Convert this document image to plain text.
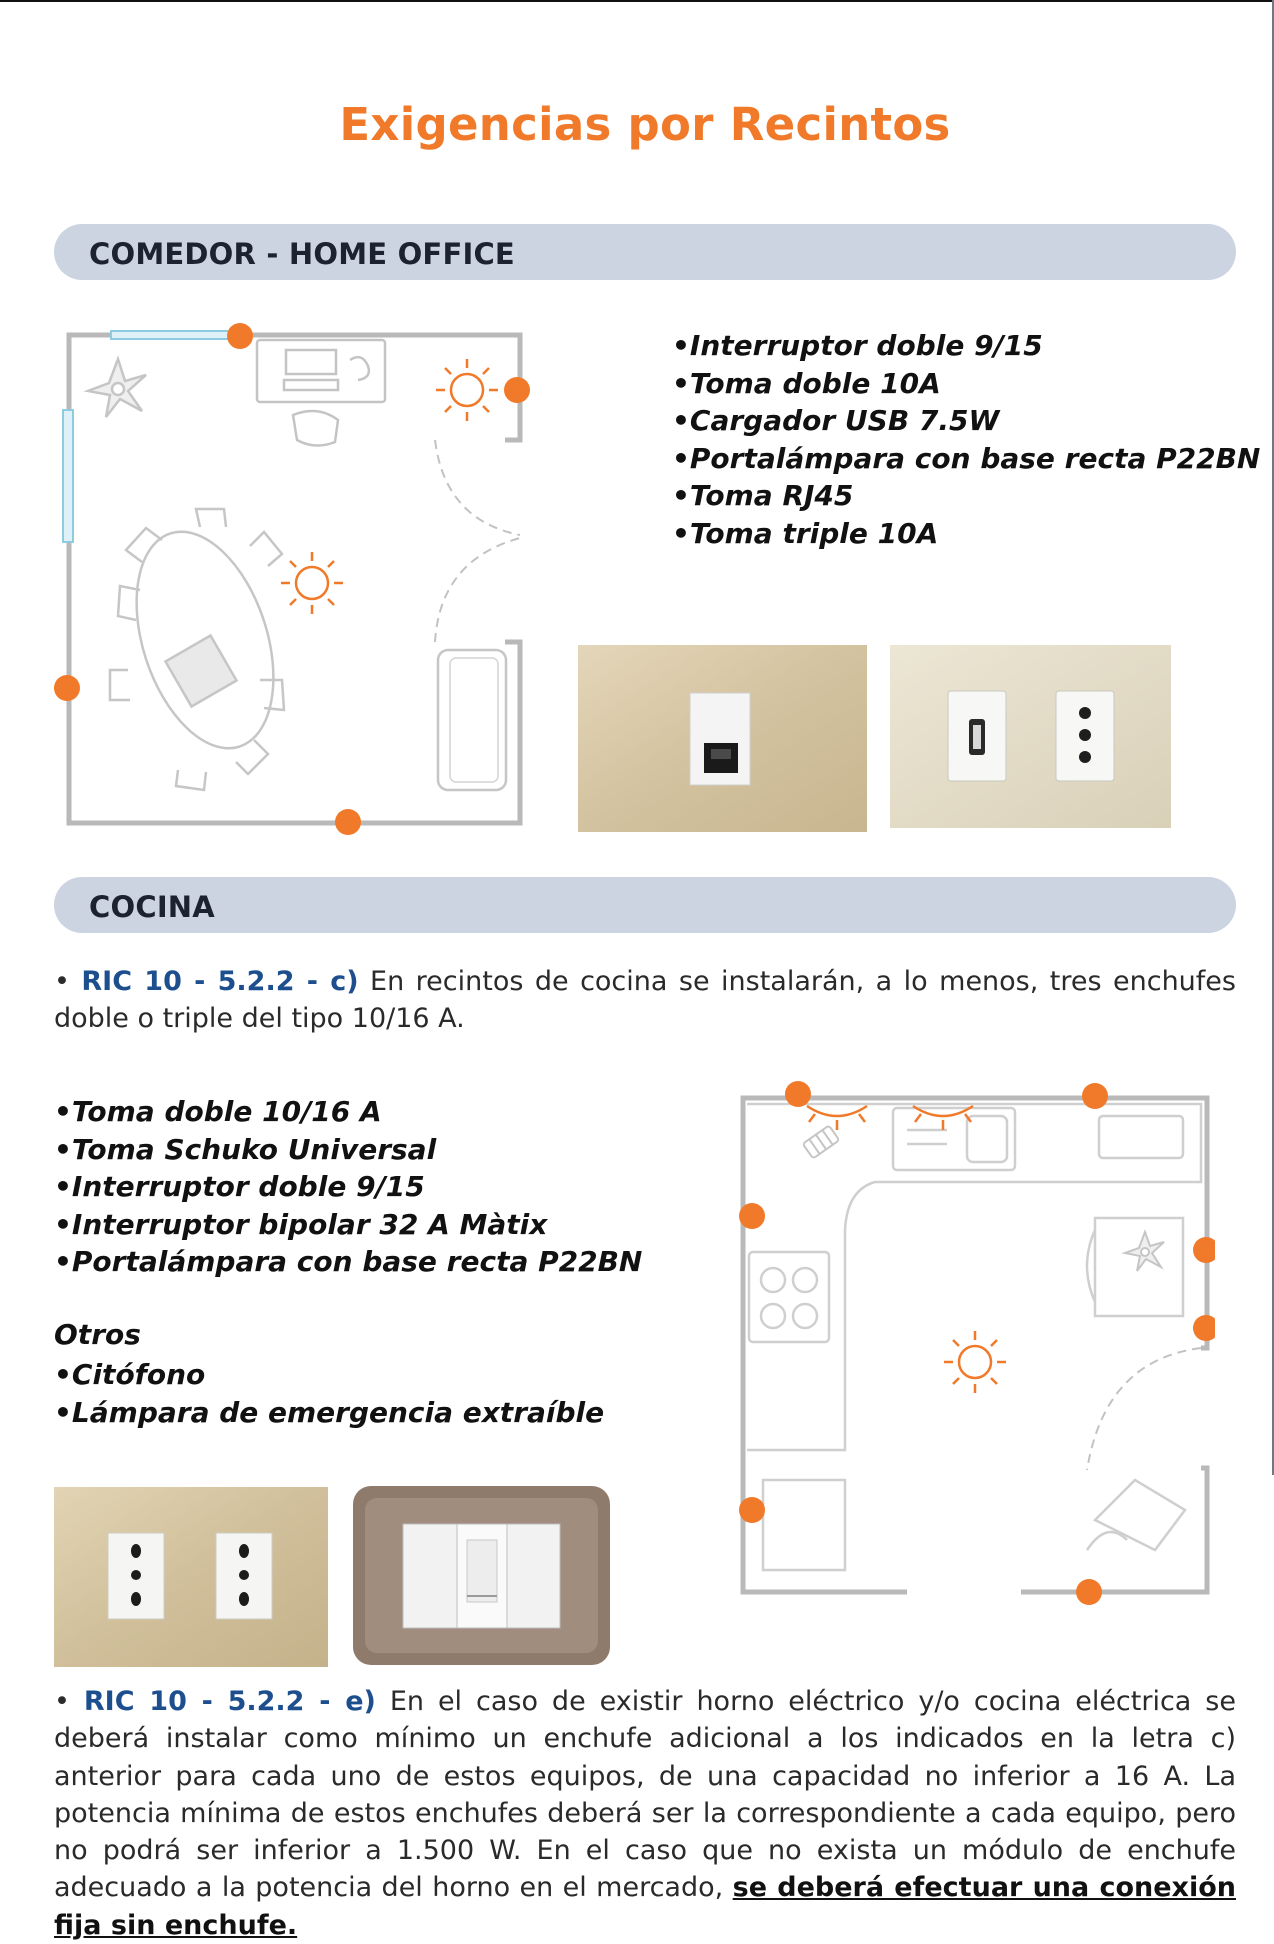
Exigencias por Recintos
COMEDOR - HOME OFFICE
• Interruptor doble 9/15
• Toma doble 10A
• Cargador USB 7.5W
• Portalámpara con base recta P22BN
• Toma RJ45
• Toma triple 10A
COCINA
• RIC 10 - 5.2.2 - c) En recintos de cocina se instalarán, a lo menos, tres enchufes doble o triple del tipo 10/16 A.
• Toma doble 10/16 A
• Toma Schuko Universal
• Interruptor doble 9/15
• Interruptor bipolar 32 A Màtix
• Portalámpara con base recta P22BN
Otros
• Citófono
• Lámpara de emergencia extraíble
• RIC 10 - 5.2.2 - e) En el caso de existir horno eléctrico y/o cocina eléctrica se deberá instalar como mínimo un enchufe adicional a los indicados en la letra c) anterior para cada uno de estos equipos, de una capacidad no inferior a 16 A. La potencia mínima de estos enchufes deberá ser la correspondiente a cada equipo, pero no podrá ser inferior a 1.500 W. En el caso que no exista un módulo de enchufe adecuado a la potencia del horno en el mercado, se deberá efectuar una conexión fija sin enchufe.
